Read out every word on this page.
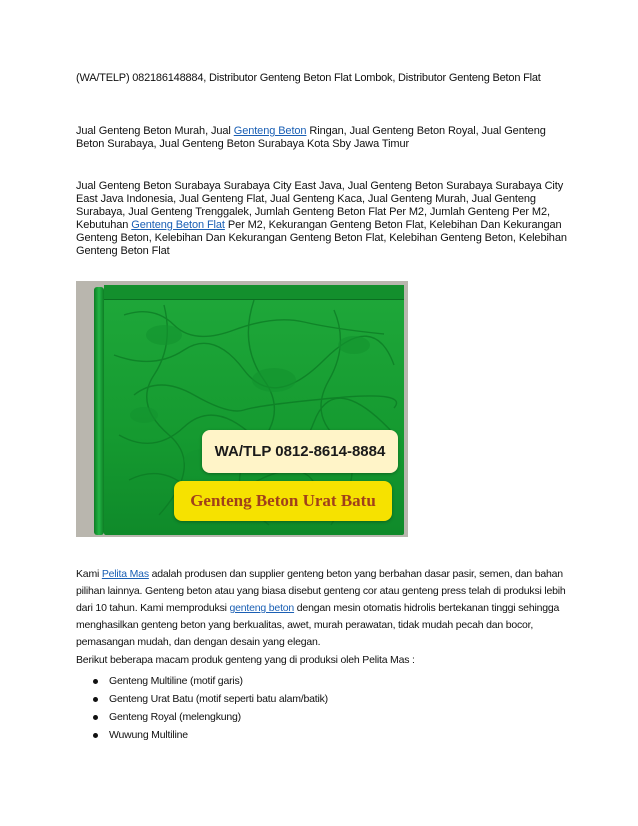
(WA/TELP) 082186148884, Distributor Genteng Beton Flat Lombok, Distributor Genteng Beton Flat
Jual Genteng Beton Murah, Jual Genteng Beton Ringan, Jual Genteng Beton Royal, Jual Genteng Beton Surabaya, Jual Genteng Beton Surabaya Kota Sby Jawa Timur
Jual Genteng Beton Surabaya Surabaya City East Java, Jual Genteng Beton Surabaya Surabaya City East Java Indonesia, Jual Genteng Flat, Jual Genteng Kaca, Jual Genteng Murah, Jual Genteng Surabaya, Jual Genteng Trenggalek, Jumlah Genteng Beton Flat Per M2, Jumlah Genteng Per M2, Kebutuhan Genteng Beton Flat Per M2, Kekurangan Genteng Beton Flat, Kelebihan Dan Kekurangan Genteng Beton, Kelebihan Dan Kekurangan Genteng Beton Flat, Kelebihan Genteng Beton, Kelebihan Genteng Beton Flat
WA/TLP 0812-8614-8884
Genteng Beton Urat Batu
Kami Pelita Mas adalah produsen dan supplier genteng beton yang berbahan dasar pasir, semen, dan bahan pilihan lainnya. Genteng beton atau yang biasa disebut genteng cor atau genteng press telah di produksi lebih dari 10 tahun. Kami memproduksi genteng beton dengan mesin otomatis hidrolis bertekanan tinggi sehingga menghasilkan genteng beton yang berkualitas, awet, murah perawatan, tidak mudah pecah dan bocor, pemasangan mudah, dan dengan desain yang elegan.
Berikut beberapa macam produk genteng yang di produksi oleh Pelita Mas :
Genteng Multiline (motif garis)
Genteng Urat Batu (motif seperti batu alam/batik)
Genteng Royal (melengkung)
Wuwung Multiline
